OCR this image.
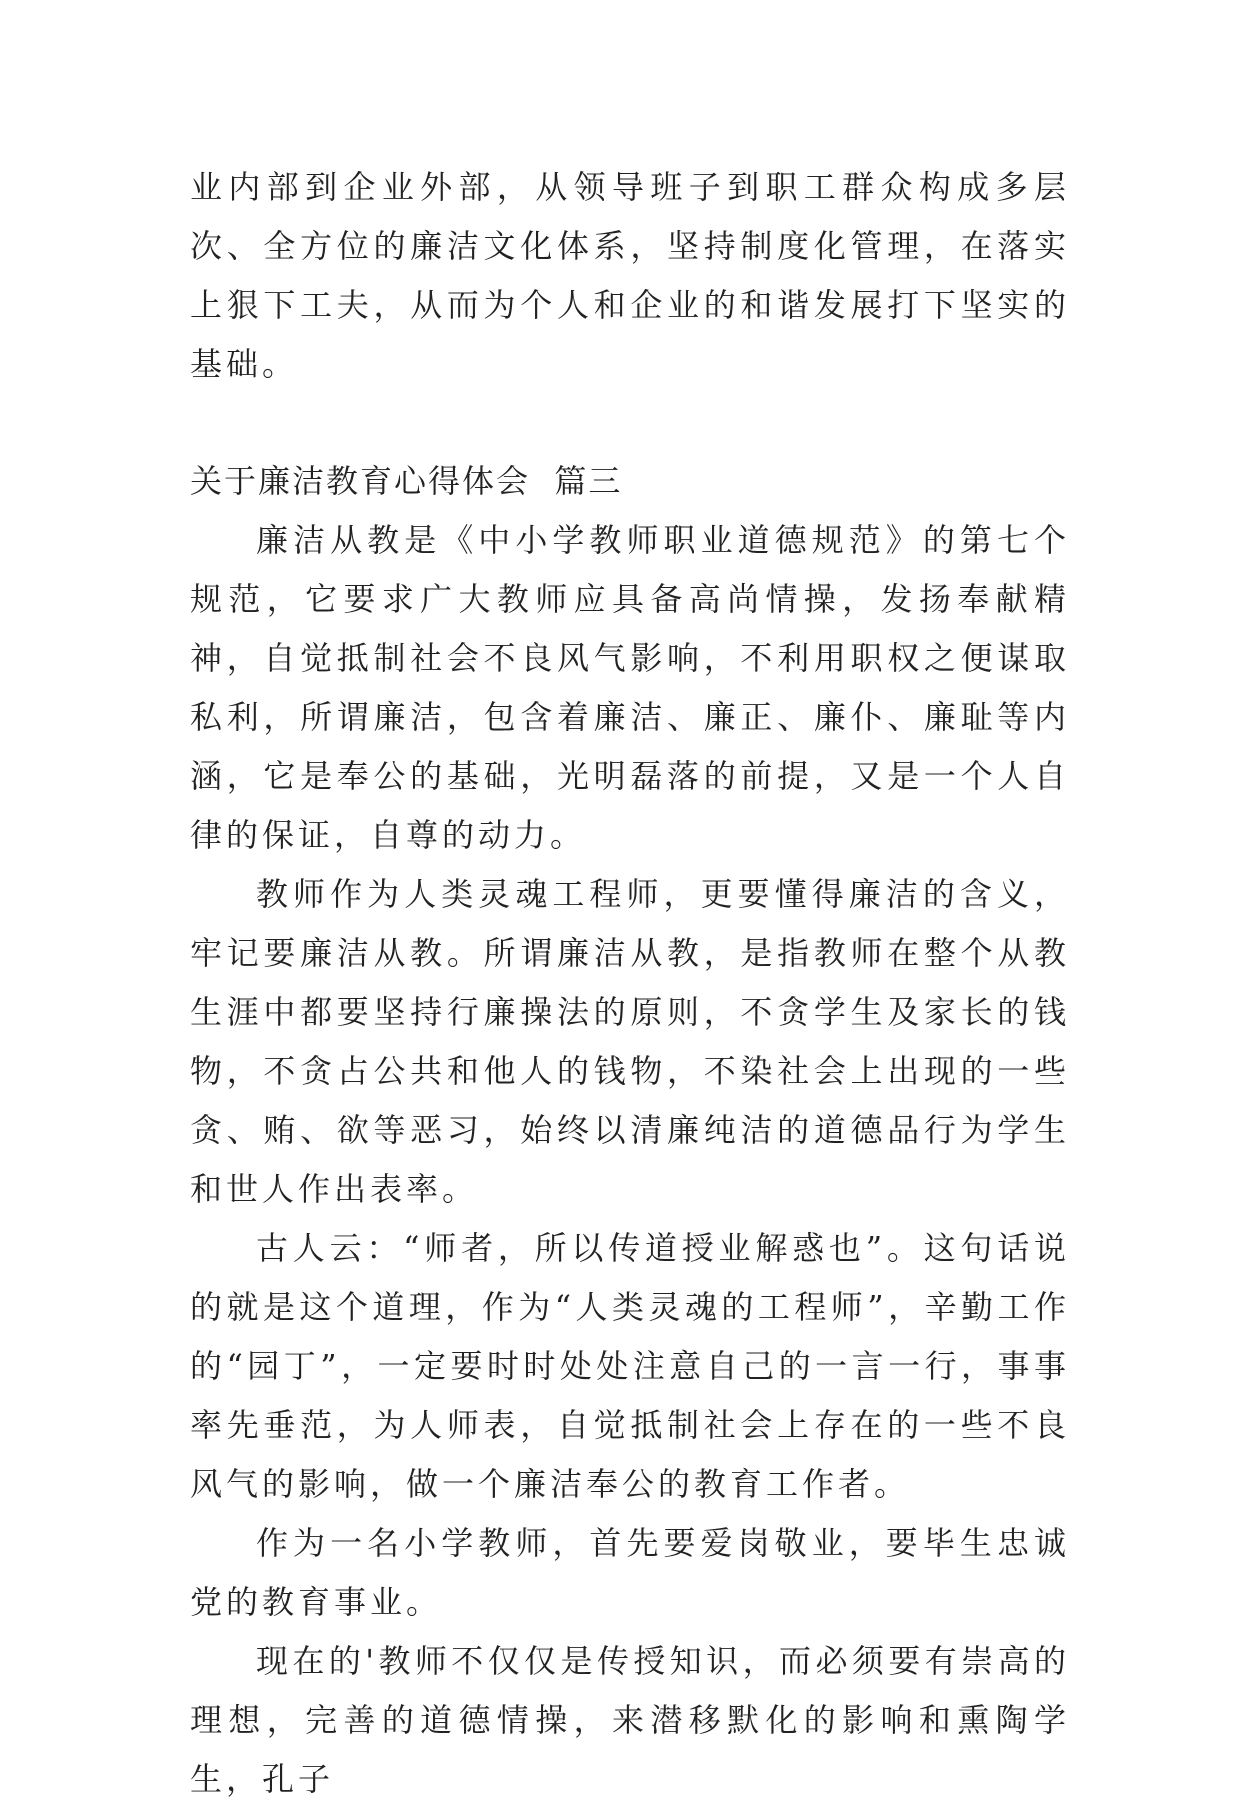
业内部到企业外部，从领导班子到职工群众构成多层次、全方位的廉洁文化体系，坚持制度化管理，在落实上狠下工夫，从而为个人和企业的和谐发展打下坚实的基础。

关于廉洁教育心得体会  篇三

廉洁从教是《中小学教师职业道德规范》的第七个规范，它要求广大教师应具备高尚情操，发扬奉献精神，自觉抵制社会不良风气影响，不利用职权之便谋取私利，所谓廉洁，包含着廉洁、廉正、廉仆、廉耻等内涵，它是奉公的基础，光明磊落的前提，又是一个人自律的保证，自尊的动力。

教师作为人类灵魂工程师，更要懂得廉洁的含义，牢记要廉洁从教。所谓廉洁从教，是指教师在整个从教生涯中都要坚持行廉操法的原则，不贪学生及家长的钱物，不贪占公共和他人的钱物，不染社会上出现的一些贪、贿、欲等恶习，始终以清廉纯洁的道德品行为学生和世人作出表率。

古人云：“师者，所以传道授业解惑也”。这句话说的就是这个道理，作为“人类灵魂的工程师”，辛勤工作的“园丁”，一定要时时处处注意自己的一言一行，事事率先垂范，为人师表，自觉抵制社会上存在的一些不良风气的影响，做一个廉洁奉公的教育工作者。

作为一名小学教师，首先要爱岗敬业，要毕生忠诚党的教育事业。

现在的'教师不仅仅是传授知识，而必须要有崇高的理想，完善的道德情操，来潜移默化的影响和熏陶学生，孔子
